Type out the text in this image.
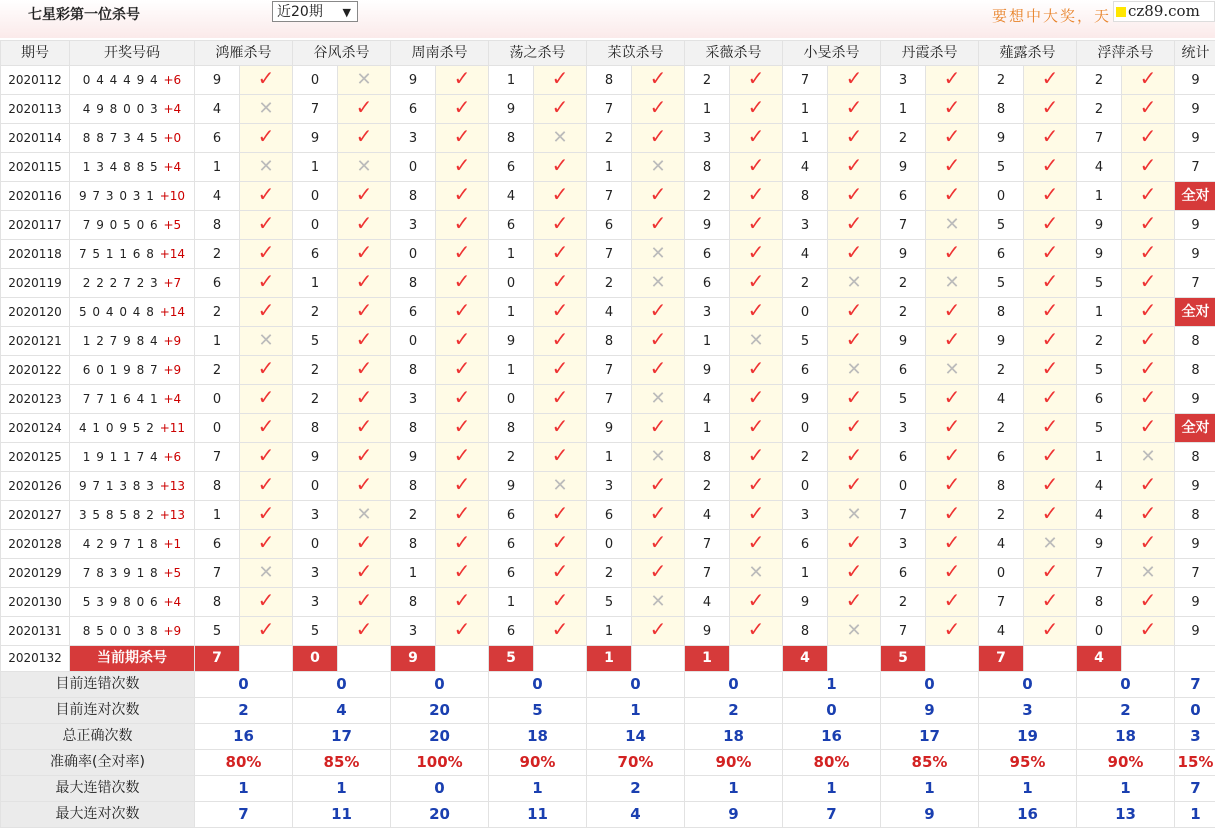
七星彩第一位杀号	近20期 ▼	要想中大奖，天	cz89.com
期号	开奖号码	鸿雁杀号		谷风杀号		周南杀号		荡之杀号		苿苡杀号		采薇杀号		小旻杀号		丹霞杀号		薤露杀号		浮萍杀号		统计
2020112	0 4 4 4 9 4 +6	9	✓	0	✕	9	✓	1	✓	8	✓	2	✓	7	✓	3	✓	2	✓	2	✓	9
2020113	4 9 8 0 0 3 +4	4	✕	7	✓	6	✓	9	✓	7	✓	1	✓	1	✓	1	✓	8	✓	2	✓	9
2020114	8 8 7 3 4 5 +0	6	✓	9	✓	3	✓	8	✕	2	✓	3	✓	1	✓	2	✓	9	✓	7	✓	9
2020115	1 3 4 8 8 5 +4	1	✕	1	✕	0	✓	6	✓	1	✕	8	✓	4	✓	9	✓	5	✓	4	✓	7
2020116	9 7 3 0 3 1 +10	4	✓	0	✓	8	✓	4	✓	7	✓	2	✓	8	✓	6	✓	0	✓	1	✓	全对
2020117	7 9 0 5 0 6 +5	8	✓	0	✓	3	✓	6	✓	6	✓	9	✓	3	✓	7	✕	5	✓	9	✓	9
2020118	7 5 1 1 6 8 +14	2	✓	6	✓	0	✓	1	✓	7	✕	6	✓	4	✓	9	✓	6	✓	9	✓	9
2020119	2 2 2 7 2 3 +7	6	✓	1	✓	8	✓	0	✓	2	✕	6	✓	2	✕	2	✕	5	✓	5	✓	7
2020120	5 0 4 0 4 8 +14	2	✓	2	✓	6	✓	1	✓	4	✓	3	✓	0	✓	2	✓	8	✓	1	✓	全对
2020121	1 2 7 9 8 4 +9	1	✕	5	✓	0	✓	9	✓	8	✓	1	✕	5	✓	9	✓	9	✓	2	✓	8
2020122	6 0 1 9 8 7 +9	2	✓	2	✓	8	✓	1	✓	7	✓	9	✓	6	✕	6	✕	2	✓	5	✓	8
2020123	7 7 1 6 4 1 +4	0	✓	2	✓	3	✓	0	✓	7	✕	4	✓	9	✓	5	✓	4	✓	6	✓	9
2020124	4 1 0 9 5 2 +11	0	✓	8	✓	8	✓	8	✓	9	✓	1	✓	0	✓	3	✓	2	✓	5	✓	全对
2020125	1 9 1 1 7 4 +6	7	✓	9	✓	9	✓	2	✓	1	✕	8	✓	2	✓	6	✓	6	✓	1	✕	8
2020126	9 7 1 3 8 3 +13	8	✓	0	✓	8	✓	9	✕	3	✓	2	✓	0	✓	0	✓	8	✓	4	✓	9
2020127	3 5 8 5 8 2 +13	1	✓	3	✕	2	✓	6	✓	6	✓	4	✓	3	✕	7	✓	2	✓	4	✓	8
2020128	4 2 9 7 1 8 +1	6	✓	0	✓	8	✓	6	✓	0	✓	7	✓	6	✓	3	✓	4	✕	9	✓	9
2020129	7 8 3 9 1 8 +5	7	✕	3	✓	1	✓	6	✓	2	✓	7	✕	1	✓	6	✓	0	✓	7	✕	7
2020130	5 3 9 8 0 6 +4	8	✓	3	✓	8	✓	1	✓	5	✕	4	✓	9	✓	2	✓	7	✓	8	✓	9
2020131	8 5 0 0 3 8 +9	5	✓	5	✓	3	✓	6	✓	1	✓	9	✓	8	✕	7	✓	4	✓	0	✓	9
2020132	当前期杀号	7		0		9		5		1		1		4		5		7		4		
目前连错次数		0		0		0		0		0		0		1		0		0		0		7
目前连对次数		2		4		20		5		1		2		0		9		3		2		0
总正确次数		16		17		20		18		14		18		16		17		19		18		3
准确率(全对率)		80%		85%		100%		90%		70%		90%		80%		85%		95%		90%		15%
最大连错次数		1		1		0		1		2		1		1		1		1		1		7
最大连对次数		7		11		20		11		4		9		7		9		16		13		1
